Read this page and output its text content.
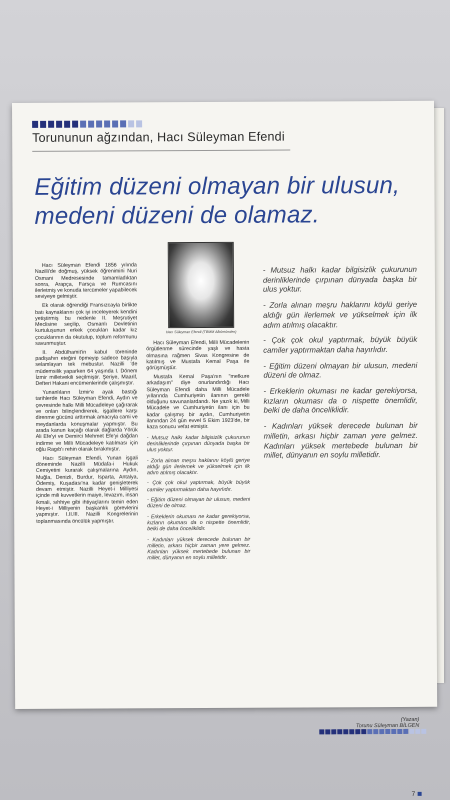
Torununun ağzından, Hacı Süleyman Efendi
Eğitim düzeni olmayan bir ulusun,
medeni düzeni de olamaz.
Hacı Süleyman Efendi (TBMM Albümünden)

Hacı Süleyman Efendi 1856 yılında Nazilli'de doğmuş, yüksek öğrenimini Nuri Osmani Medresesinde tamamladıktan sonra, Arapça, Farsça ve Rumcasını ilerletmiş ve konuda tercümeler yapabilecek seviyeye gelmiştir.

Ek olarak öğrendiği Fransızcayla birlikte batı kaynaklarını çok iyi inceleyerek kendini yetiştirmiş bu nedenle II. Meşrutiyet Meclisine seçilip, Osmanlı Devletinin kurtuluşunun erkek çocukları kadar kız çocuklarının da okutulup, toplum reformunu savunmuştur.

II. Abdülhamit'in kabul töreninde padişahın eteğini öpmeyip sadece başıyla selamlayan tek mebustur. Nazilli 'de müdemsilik yaparken 64 yaşında I. Dönem İzmir milletvekili seçilmiştir. Şeriye, Maarif, Defteri Hakani encümenlerinde çalışmıştır.

Yunanlıların İzmir'e ayak bastığı tarihlerde Hacı Süleyman Efendi, Aydın ve çevresinde halkı Milli Mücadeleye çağırarak ve onları bilinçlendirerek, işgallere karşı direnme gücünü arttırmak amacıyla cami ve meydanlarda konuşmalar yapmıştır. Bu arada kanun kaçağı olarak dağlarda Yörük Ali Efe'yi ve Demirci Mehmet Efe'yi dağdan indirme ve Milli Mücadeleye katılması için oğlu Ragıb'ı rehin olarak bırakmıştır.

Hacı Süleyman Efendi, Yunan işgali döneminde Nazilli Müdafa-i Hukuk Cemiyetini kurarak çalışmalarına Aydın, Muğla, Denizli, Burdur, Isparta, Antalya, Ödemiş, Kuşadası'na kadar genişleterek devam etmiştir. Nazilli Heyet-i Milliyesi içinde mili kuvvetlerin maiye, levazım, insan ikmali, sıhhiye gibi ihtiyaçlarını temin eden Heyet-i Milliyenin başkanlık görevlerini yapmıştır. I.II.III. Nazilli Kongrelerinin toplanmasında öncülük yapmıştır.

Hacı Süleyman Efendi, Milli Mücadelenin örgütlenme sürecinde yaşlı ve hasta olmasına rağmen Sivas Kongresine de katılmış ve Mustafa Kemal Paşa ile görüşmüştür.

Mustafa Kemal Paşa'nın "mefkure arkadaşım" diye onurlandırdığı Hacı Süleyman Efendi daha Milli Mücadele yıllarında Cumhuriyetin ilanının gerekli olduğunu savunanlardandı. Ne yazık ki, Milli Mücadele ve Cumhuriyetin ilanı için bu kadar çalışmış bir aydın, Cumhuriyetin ilanından 24 gün evvel 5 Ekim 1923'de, bir kaza sonucu vefat etmiştir.

- Mutsuz halkı kadar bilgisizlik çukurunun derinliklerinde çırpınan dünyada başka bir ulus yoktur.

- Zorla alınan meşru haklarını köylü geriye aldığı gün ilerlemek ve yükselmek için ilk adım atılmış olacaktır.

- Çok çok okul yaptırmak, büyük büyük camiler yaptırmaktan daha hayırlıdır.

- Eğitim düzeni olmayan bir ulusun, medeni düzeni de olmaz.

- Erkeklerin okuması ne kadar gerekiyorsa, kızların okuması da o nispette önemlidir, belki de daha önceliklidir.

- Kadınları yüksek derecede bulunan bir milletin, arkası hiçbir zaman yere gelmez. Kadınları yüksek mertebede bulunan bir millet, dünyanın en soylu milletidir.

- Mutsuz halkı kadar bilgisizlik çukurunun derinliklerinde çırpınan dünyada başka bir ulus yoktur.

- Zorla alınan meşru haklarını köylü geriye aldığı gün ilerlemek ve yükselmek için ilk adım atılmış olacaktır.

- Çok çok okul yaptırmak, büyük büyük camiler yaptırmaktan daha hayırlıdır.

- Eğitim düzeni olmayan bir ulusun, medeni düzeni de olmaz.

- Erkeklerin okuması ne kadar gerekiyorsa, kızların okuması da o nispette önemlidir, belki de daha önceliklidir.

- Kadınları yüksek derecede bulunan bir milletin, arkası hiçbir zaman yere gelmez. Kadınları yüksek mertebede bulunan bir millet, dünyanın en soylu milletidir.

(Yazan)
Torunu Süleyman BİLGEN
7
